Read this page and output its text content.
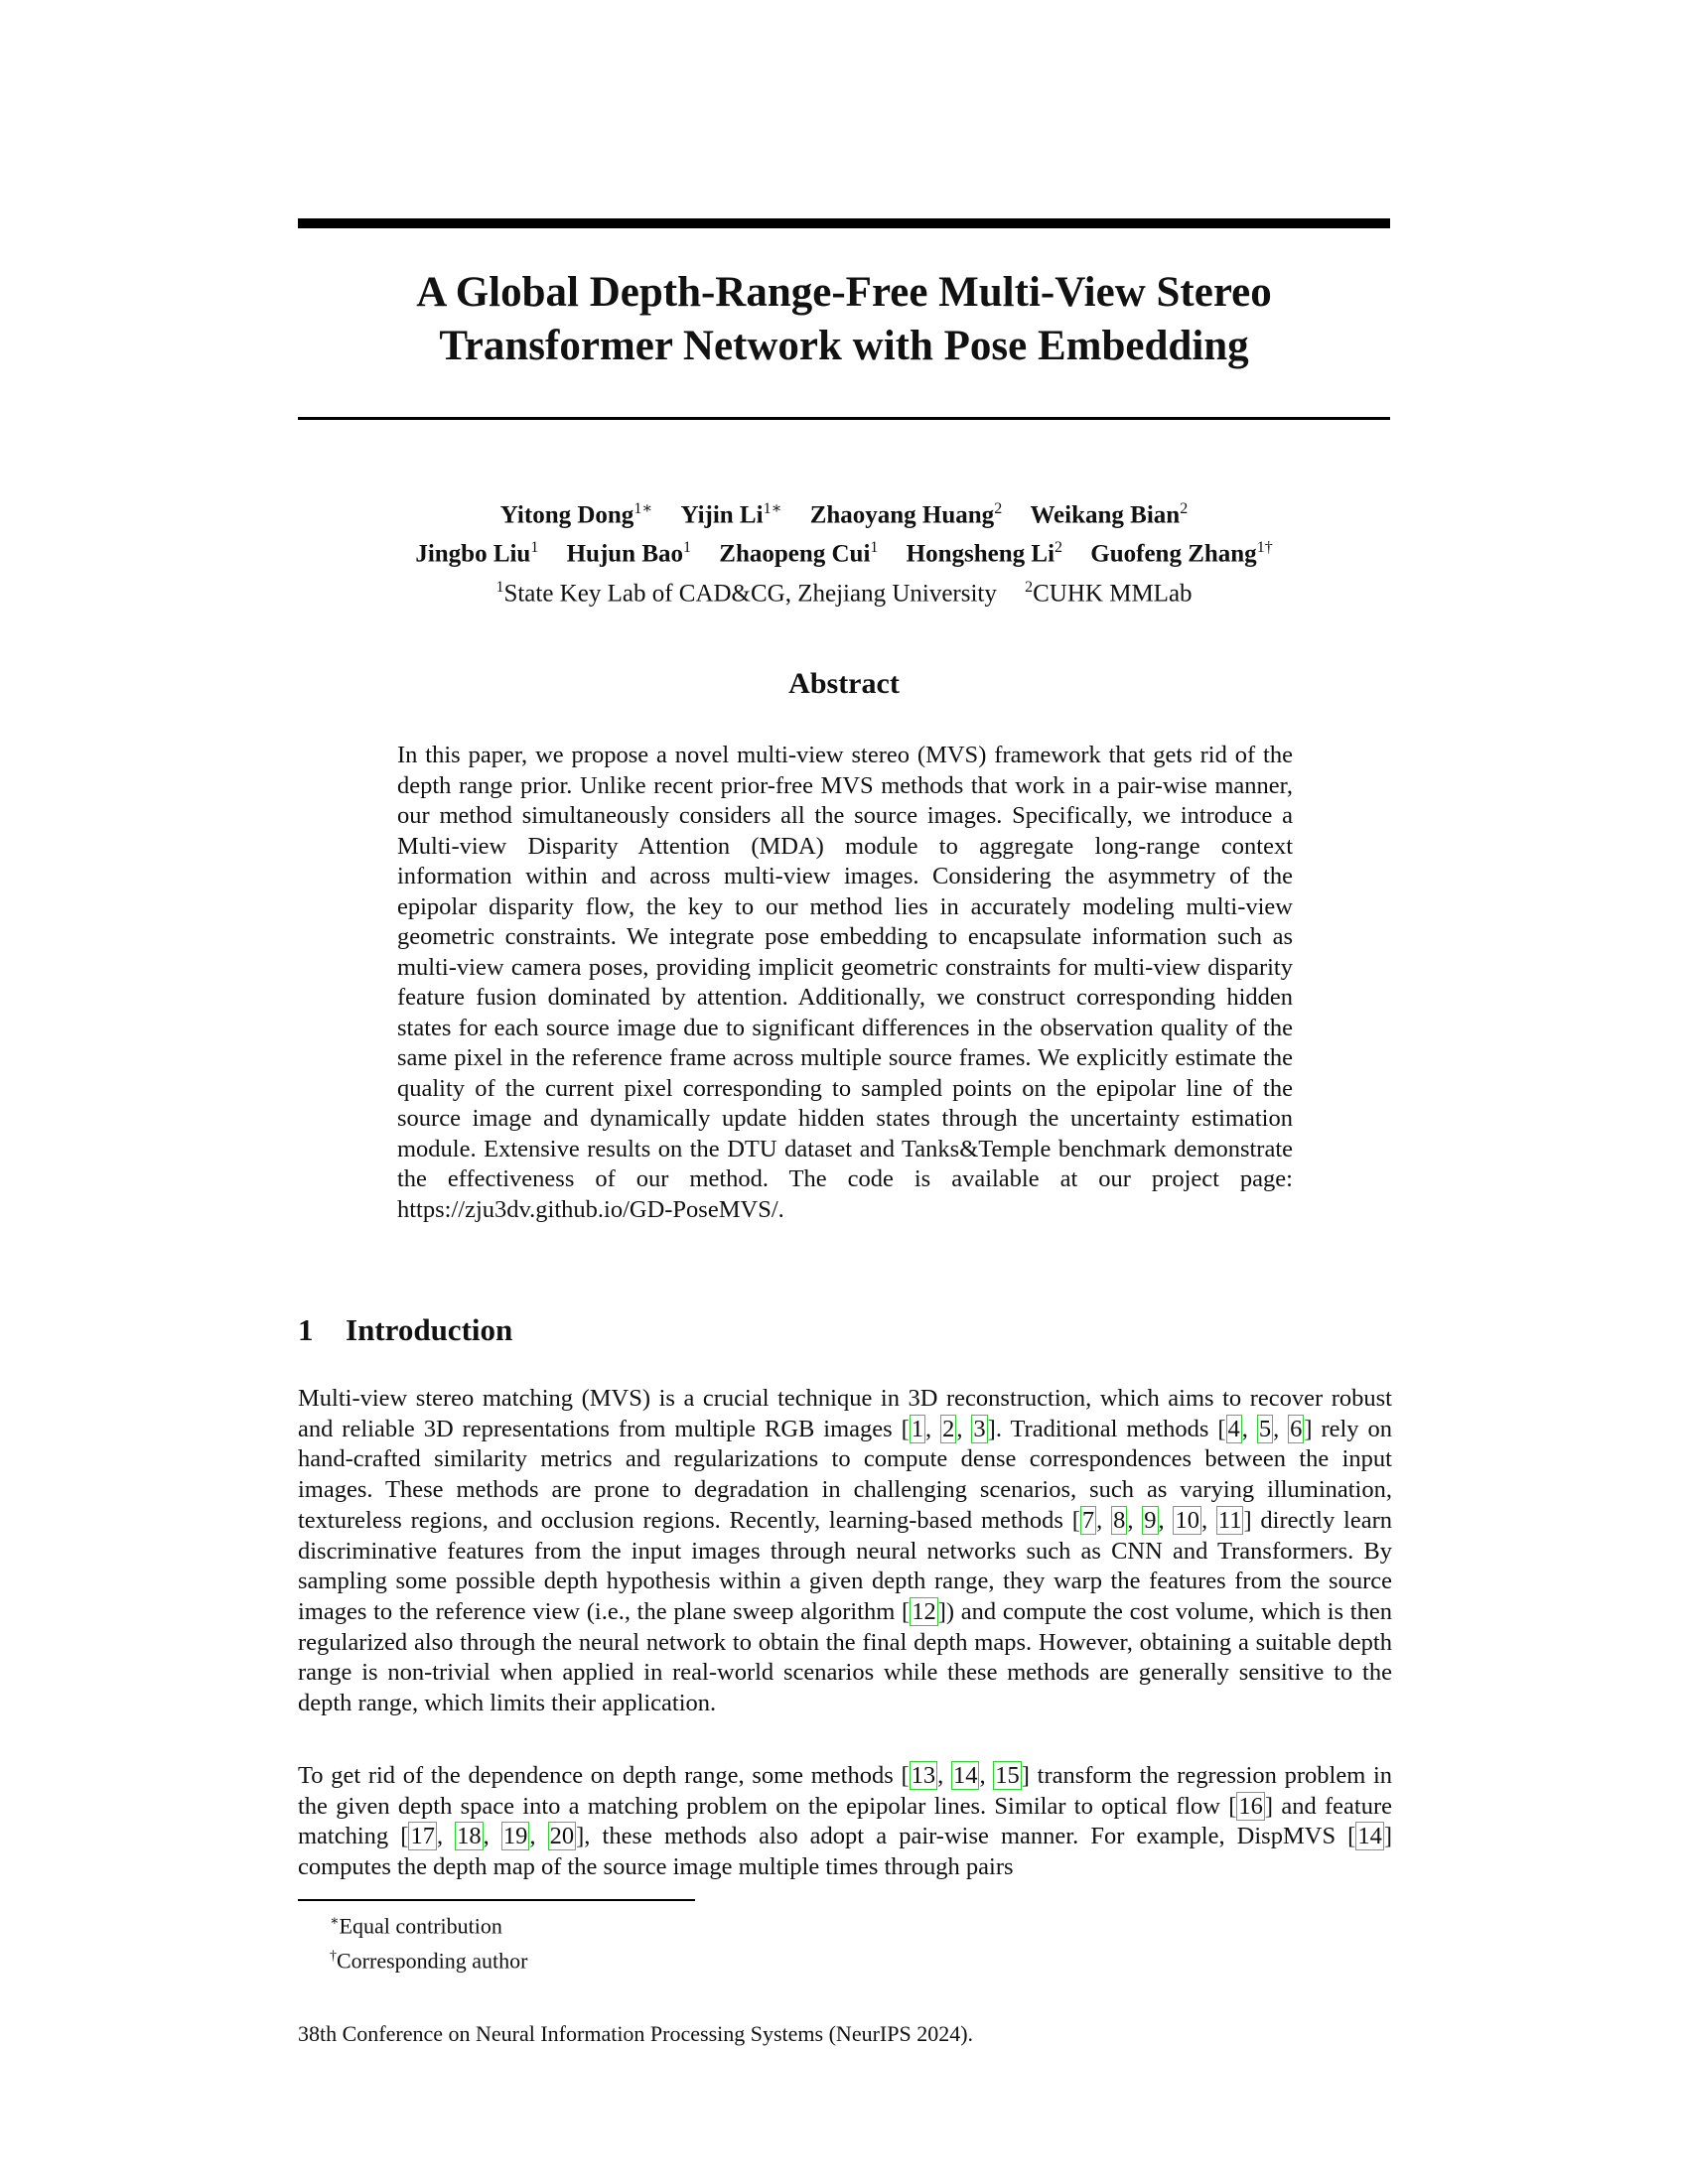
A Global Depth-Range-Free Multi-View Stereo
Transformer Network with Pose Embedding
Yitong Dong$^{1∗}$ Yijin $Li^{1∗}$ Zhaoyang Huang$^2$ Weikang Bian$^2$
Jingbo Liu$^1$ Hujun Bao$^1$ Zhaopeng Cui$^1$ Hongsheng Li$^2$ Guofeng Zhang$^{1\dagger}$
$^1$State Key Lab of CAD&CG, Zhejiang University $^2$CUHK MMLab
Abstract
In this paper, we propose a novel multi-view stereo (MVS) framework that gets rid of the depth range prior. Unlike recent prior-free MVS methods that work in a pair-wise manner, our method simultaneously considers all the source images. Specifically, we introduce a Multi-view Disparity Attention (MDA) module to aggregate long-range context information within and across multi-view images. Considering the asymmetry of the epipolar disparity flow, the key to our method lies in accurately modeling multi-view geometric constraints. We integrate pose embedding to encapsulate information such as multi-view camera poses, providing implicit geometric constraints for multi-view disparity feature fusion dominated by attention. Additionally, we construct corresponding hidden states for each source image due to significant differences in the observation quality of the same pixel in the reference frame across multiple source frames. We explicitly estimate the quality of the current pixel corresponding to sampled points on the epipolar line of the source image and dynamically update hidden states through the uncertainty estimation module. Extensive results on the DTU dataset and Tanks&Temple benchmark demonstrate the effectiveness of our method. The code is available at our project page: https://zju3dv.github.io/GD-PoseMVS/.
1 Introduction
Multi-view stereo matching (MVS) is a crucial technique in 3D reconstruction, which aims to recover robust and reliable 3D representations from multiple RGB images [1, 2, 3]. Traditional methods [4, 5, 6] rely on hand-crafted similarity metrics and regularizations to compute dense correspondences between the input images. These methods are prone to degradation in challenging scenarios, such as varying illumination, textureless regions, and occlusion regions. Recently, learning-based methods [7, 8, 9, 10, 11] directly learn discriminative features from the input images through neural networks such as CNN and Transformers. By sampling some possible depth hypothesis within a given depth range, they warp the features from the source images to the reference view (i.e., the plane sweep algorithm [12]) and compute the cost volume, which is then regularized also through the neural network to obtain the final depth maps. However, obtaining a suitable depth range is non-trivial when applied in real-world scenarios while these methods are generally sensitive to the depth range, which limits their application.
To get rid of the dependence on depth range, some methods [13, 14, 15] transform the regression problem in the given depth space into a matching problem on the epipolar lines. Similar to optical flow [16] and feature matching [17, 18, 19, 20], these methods also adopt a pair-wise manner. For example, DispMVS [14] computes the depth map of the source image multiple times through pairs
∗Equal contribution
†Corresponding author
38th Conference on Neural Information Processing Systems (NeurIPS 2024).
